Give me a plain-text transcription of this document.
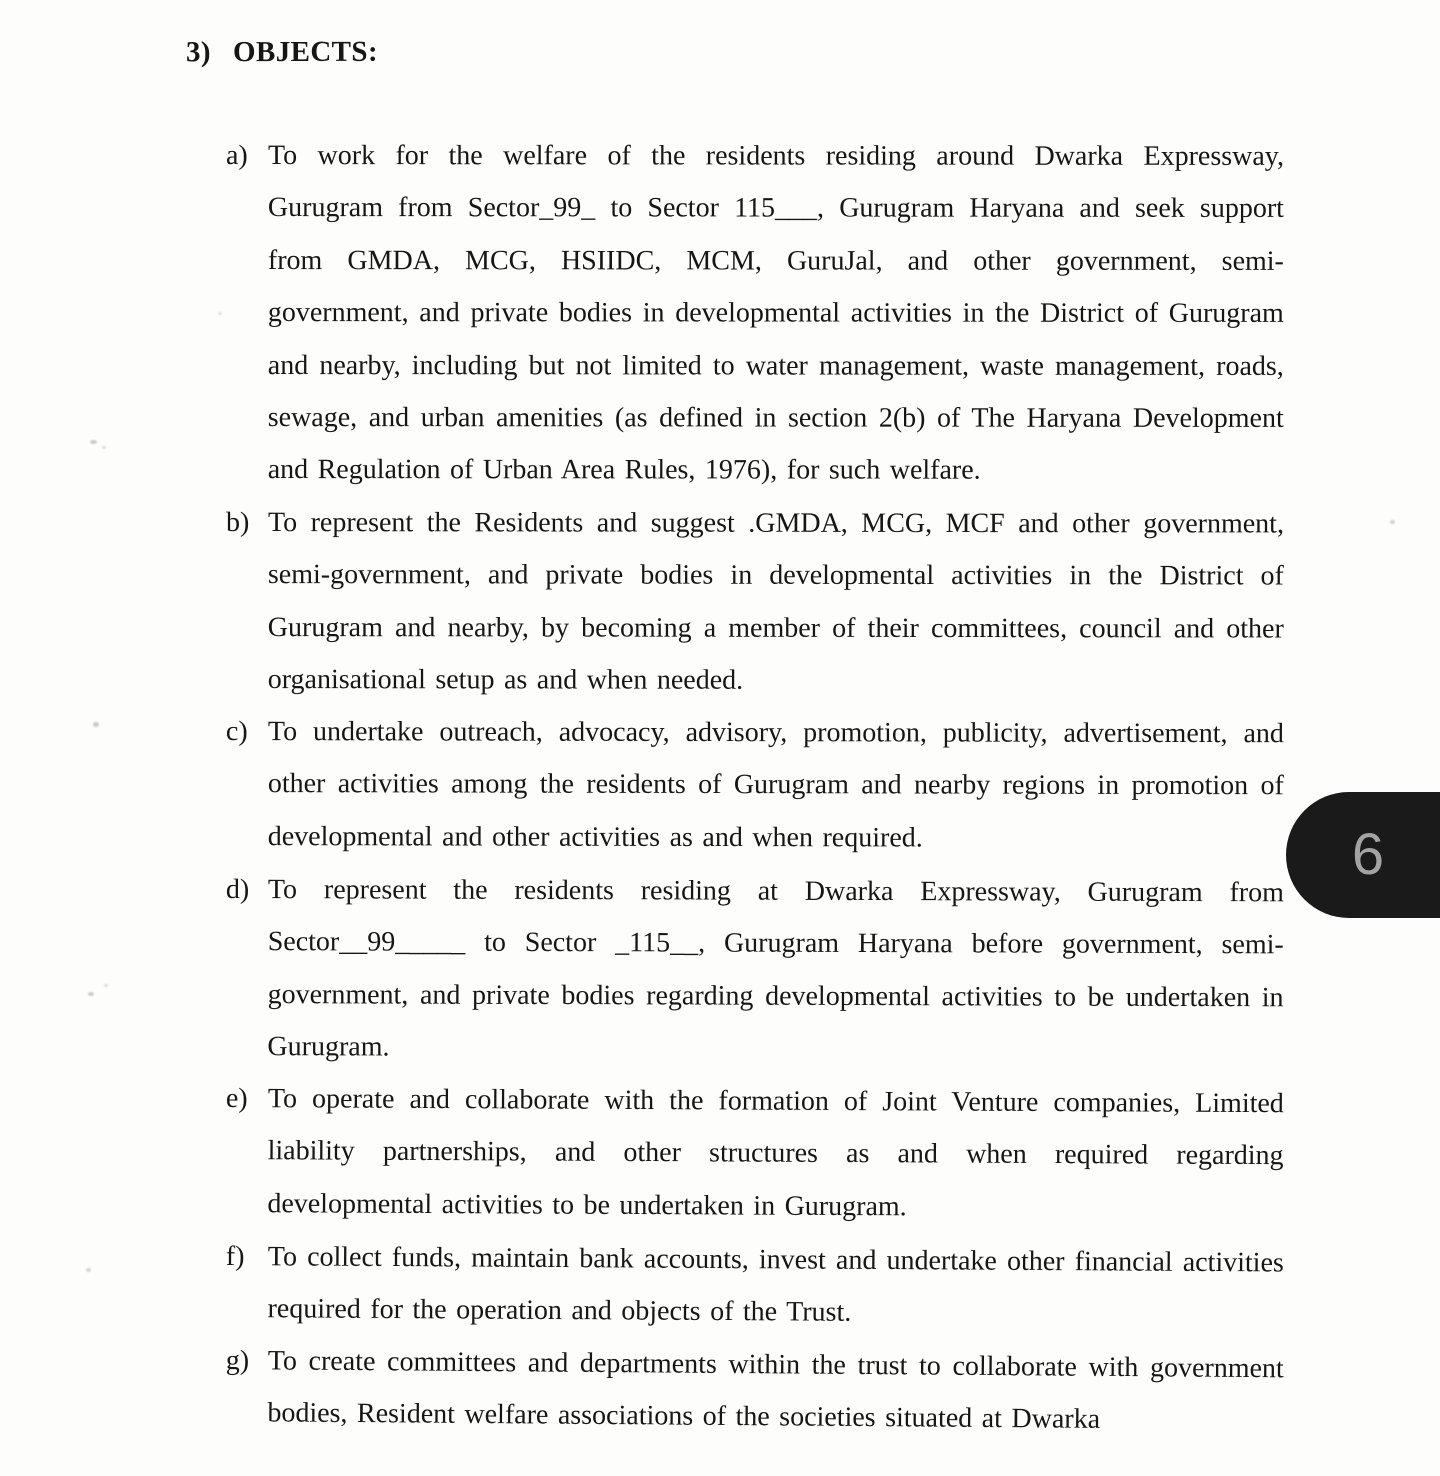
3) OBJECTS:
a) To work for the welfare of the residents residing around Dwarka Expressway, Gurugram from Sector_99_ to Sector 115___, Gurugram Haryana and seek support from GMDA, MCG, HSIIDC, MCM, GuruJal, and other government, semi-government, and private bodies in developmental activities in the District of Gurugram and nearby, including but not limited to water management, waste management, roads, sewage, and urban amenities (as defined in section 2(b) of The Haryana Development and Regulation of Urban Area Rules, 1976), for such welfare.
b) To represent the Residents and suggest .GMDA, MCG, MCF and other government, semi-government, and private bodies in developmental activities in the District of Gurugram and nearby, by becoming a member of their committees, council and other organisational setup as and when needed.
c) To undertake outreach, advocacy, advisory, promotion, publicity, advertisement, and other activities among the residents of Gurugram and nearby regions in promotion of developmental and other activities as and when required.
d) To represent the residents residing at Dwarka Expressway, Gurugram from Sector__99_____ to Sector _115__, Gurugram Haryana before government, semi-government, and private bodies regarding developmental activities to be undertaken in Gurugram.
e) To operate and collaborate with the formation of Joint Venture companies, Limited liability partnerships, and other structures as and when required regarding developmental activities to be undertaken in Gurugram.
f) To collect funds, maintain bank accounts, invest and undertake other financial activities required for the operation and objects of the Trust.
g) To create committees and departments within the trust to collaborate with government bodies, Resident welfare associations of the societies situated at Dwarka
6
